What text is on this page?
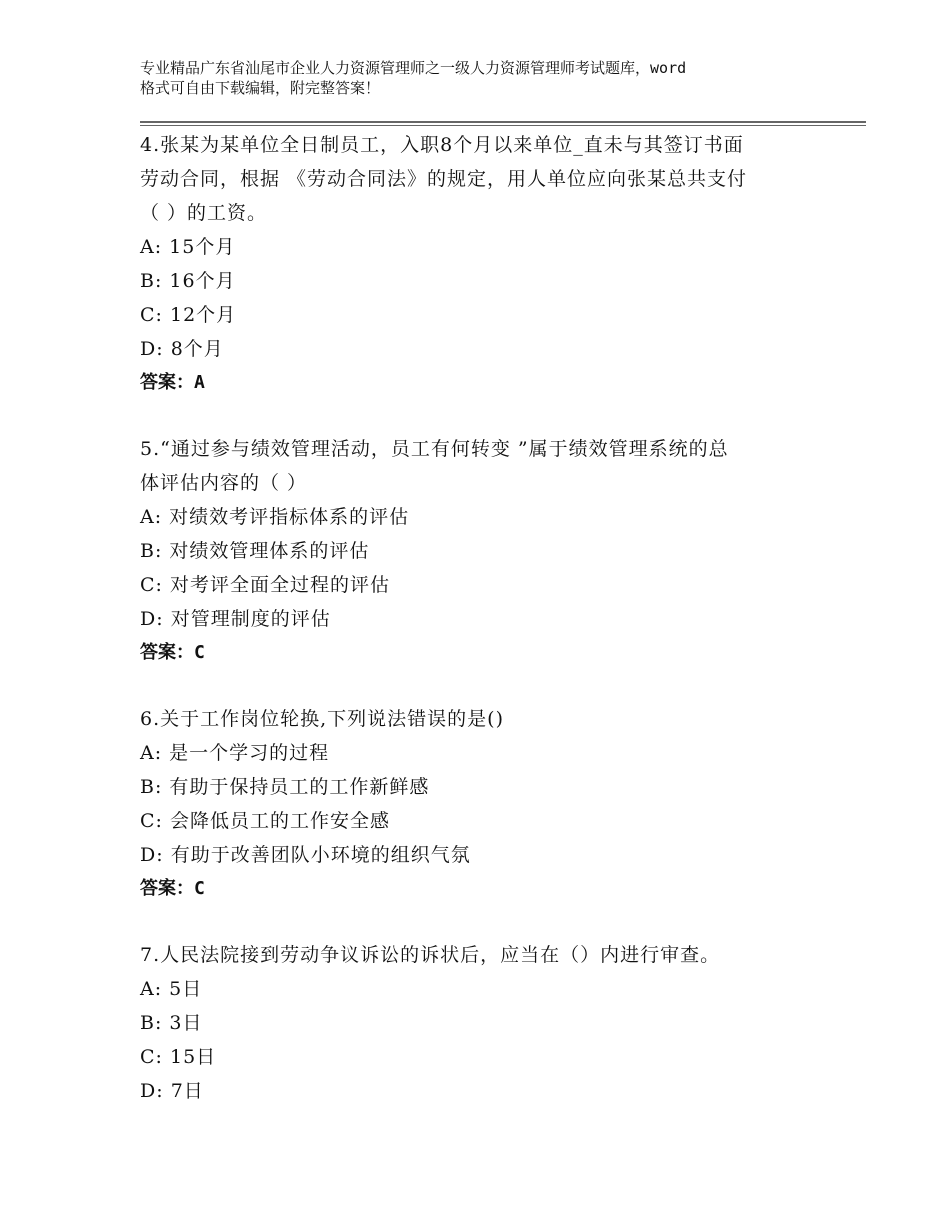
专业精品广东省汕尾市企业人力资源管理师之一级人力资源管理师考试题库，word
格式可自由下载编辑，附完整答案！
4.张某为某单位全日制员工，入职8个月以来单位_直未与其签订书面
劳动合同，根据 《劳动合同法》的规定，用人单位应向张某总共支付
（ ）的工资。
A: 15个月
B: 16个月
C: 12个月
D: 8个月
答案：A
5.“通过参与绩效管理活动，员工有何转变 ”属于绩效管理系统的总
体评估内容的（ ）
A: 对绩效考评指标体系的评估
B: 对绩效管理体系的评估
C: 对考评全面全过程的评估
D: 对管理制度的评估
答案：C
6.关于工作岗位轮换,下列说法错误的是()
A: 是一个学习的过程
B: 有助于保持员工的工作新鲜感
C: 会降低员工的工作安全感
D: 有助于改善团队小环境的组织气氛
答案：C
7.人民法院接到劳动争议诉讼的诉状后，应当在（）内进行审查。
A: 5日
B: 3日
C: 15日
D: 7日
